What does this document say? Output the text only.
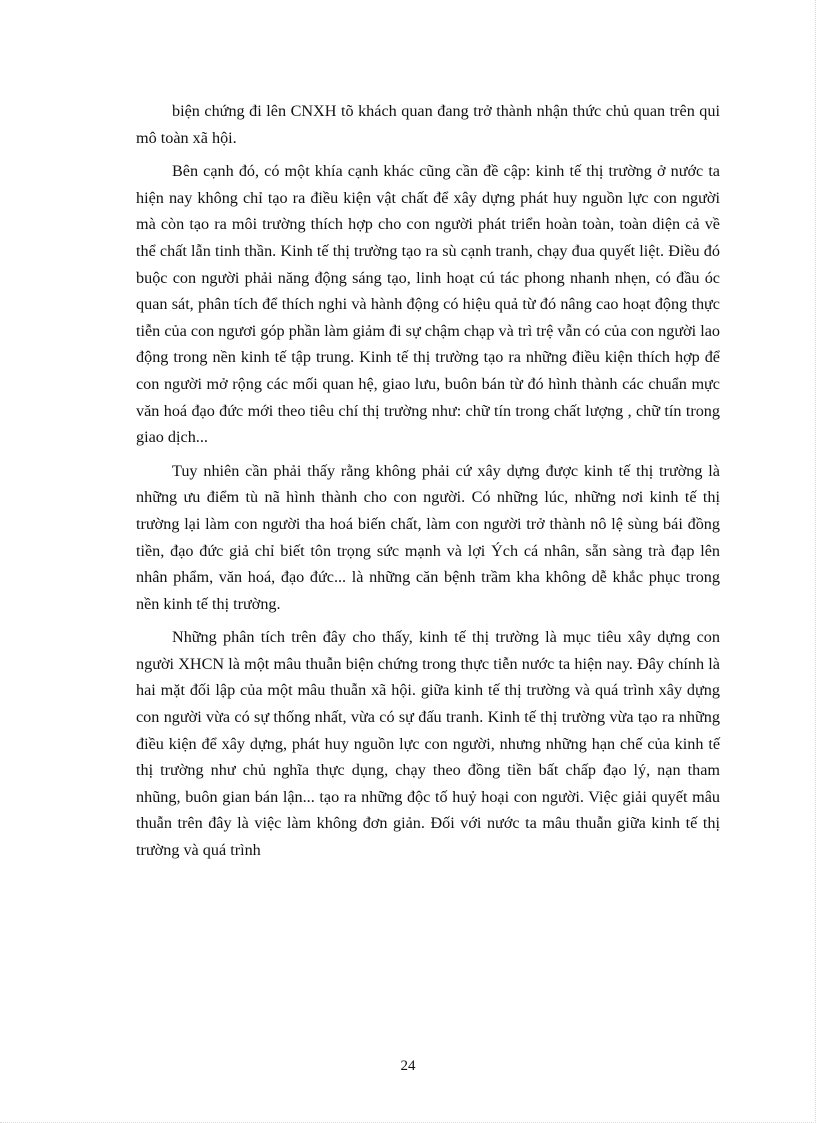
biện chứng đi lên CNXH tõ khách quan đang trở thành nhận thức chủ quan trên qui mô toàn xã hội.

Bên cạnh đó, có một khía cạnh khác cũng cần đề cập: kinh tế thị trường ở nước ta hiện nay không chỉ tạo ra điều kiện vật chất để xây dựng phát huy nguồn lực con người mà còn tạo ra môi trường thích hợp cho con người phát triển hoàn toàn, toàn diện cả về thể chất lẫn tinh thần. Kinh tế thị trường tạo ra sù cạnh tranh, chạy đua quyết liệt. Điều đó buộc con người phải năng động sáng tạo, linh hoạt cú tác phong nhanh nhẹn, có đầu óc quan sát, phân tích để thích nghi và hành động có hiệu quả từ đó nâng cao hoạt động thực tiễn của con ngươi góp phần làm giảm đi sự chậm chạp và trì trệ vẫn có của con người lao động trong nền kinh tế tập trung. Kinh tế thị trường tạo ra những điều kiện thích hợp để con người mở rộng các mối quan hệ, giao lưu, buôn bán từ đó hình thành các chuẩn mực văn hoá đạo đức mới theo tiêu chí thị trường như: chữ tín trong chất lượng , chữ tín trong giao dịch...

Tuy nhiên cần phải thấy rằng không phải cứ xây dựng được kinh tế thị trường là những ưu điểm tù nã hình thành cho con người. Có những lúc, những nơi kinh tế thị trường lại làm con người tha hoá biến chất, làm con người trở thành nô lệ sùng bái đồng tiền, đạo đức giả chỉ biết tôn trọng sức mạnh và lợi Ých cá nhân, sẵn sàng trà đạp lên nhân phẩm, văn hoá, đạo đức... là những căn bệnh trầm kha không dễ khắc phục trong nền kinh tế thị trường.

Những phân tích trên đây cho thấy, kinh tế thị trường là mục tiêu xây dựng con người XHCN là một mâu thuẫn biện chứng trong thực tiễn nước ta hiện nay. Đây chính là hai mặt đối lập của một mâu thuẫn xã hội. giữa kinh tế thị trường và quá trình xây dựng con người vừa có sự thống nhất, vừa có sự đấu tranh. Kinh tế thị trường vừa tạo ra những điều kiện để xây dựng, phát huy nguồn lực con người, nhưng những hạn chế của kinh tế thị trường như chủ nghĩa thực dụng, chạy theo đồng tiền bất chấp đạo lý, nạn tham nhũng, buôn gian bán lận... tạo ra những độc tố huỷ hoại con người. Việc giải quyết mâu thuẫn trên đây là việc làm không đơn giản. Đối với nước ta mâu thuẫn giữa kinh tế thị trường và quá trình

24
